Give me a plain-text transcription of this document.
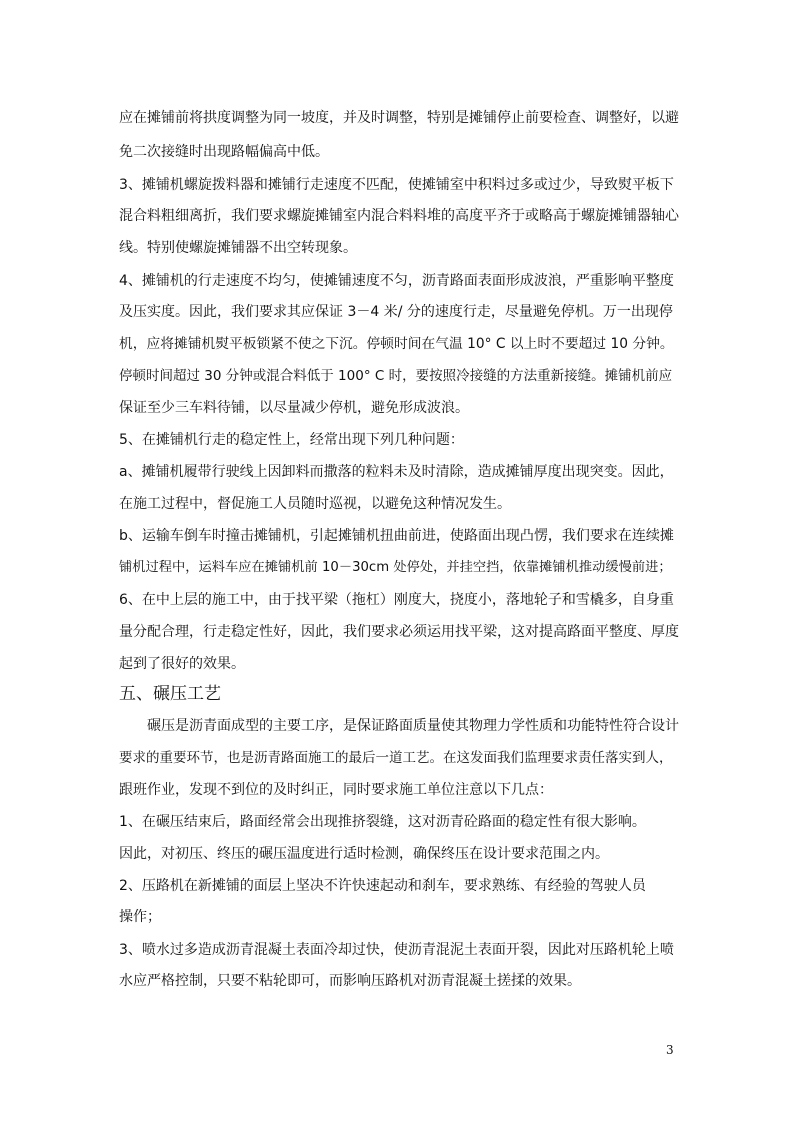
应在摊铺前将拱度调整为同一坡度，并及时调整，特别是摊铺停止前要检查、调整好，以避
免二次接缝时出现路幅偏高中低。
3、摊铺机螺旋拨料器和摊铺行走速度不匹配，使摊铺室中积料过多或过少，导致熨平板下
混合料粗细离折，我们要求螺旋摊铺室内混合料料堆的高度平齐于或略高于螺旋摊铺器轴心
线。特别使螺旋摊铺器不出空转现象。
4、摊铺机的行走速度不均匀，使摊铺速度不匀，沥青路面表面形成波浪，严重影响平整度
及压实度。因此，我们要求其应保证 3－4 米/ 分的速度行走，尽量避免停机。万一出现停
机，应将摊铺机熨平板锁紧不使之下沉。停顿时间在气温 10° C 以上时不要超过 10 分钟。
停顿时间超过 30 分钟或混合料低于 100° C 时，要按照冷接缝的方法重新接缝。摊铺机前应
保证至少三车料待铺，以尽量减少停机，避免形成波浪。
5、在摊铺机行走的稳定性上，经常出现下列几种问题：
a、摊铺机履带行驶线上因卸料而撒落的粒料未及时清除，造成摊铺厚度出现突变。因此，
在施工过程中，督促施工人员随时巡视，以避免这种情况发生。
b、运输车倒车时撞击摊铺机，引起摊铺机扭曲前进，使路面出现凸愣，我们要求在连续摊
铺机过程中，运料车应在摊铺机前 10－30cm 处停处，并挂空挡，依靠摊铺机推动缓慢前进；
6、在中上层的施工中，由于找平梁（拖杠）刚度大，挠度小，落地轮子和雪橇多，自身重
量分配合理，行走稳定性好，因此，我们要求必须运用找平梁，这对提高路面平整度、厚度
起到了很好的效果。
五、碾压工艺
碾压是沥青面成型的主要工序，是保证路面质量使其物理力学性质和功能特性符合设计
要求的重要环节，也是沥青路面施工的最后一道工艺。在这发面我们监理要求责任落实到人，
跟班作业，发现不到位的及时纠正，同时要求施工单位注意以下几点：
1、在碾压结束后，路面经常会出现推挤裂缝，这对沥青砼路面的稳定性有很大影响。
因此，对初压、终压的碾压温度进行适时检测，确保终压在设计要求范围之内。
2、压路机在新摊铺的面层上坚决不许快速起动和刹车，要求熟练、有经验的驾驶人员
操作；
3、喷水过多造成沥青混凝土表面冷却过快，使沥青混泥土表面开裂，因此对压路机轮上喷
水应严格控制，只要不粘轮即可，而影响压路机对沥青混凝土搓揉的效果。
3
